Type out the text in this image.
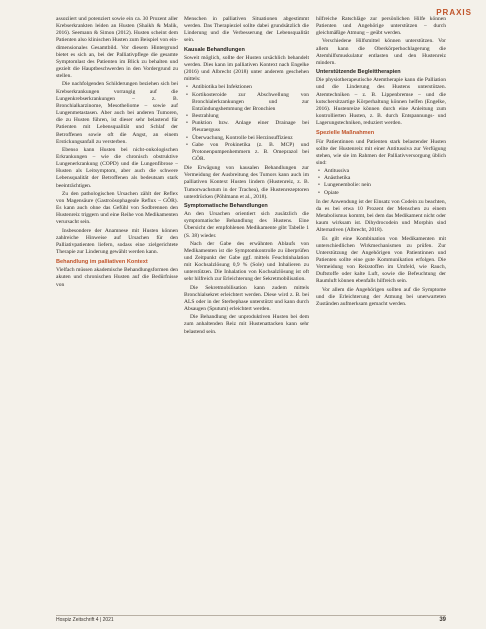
PRAXIS

assoziiert und potenziert sowie ein ca. 30 Prozent aller Krebserkrankten leiden an Husten (Shaikh & Malik, 2016). Seemann & Simon (2012). Husten scheint dem Patienten also klinischen Husten zum Beispiel von ein-dimensionales Gesamtbild. Vor diesem Hintergrund bietet es sich an, bei der Palliativpflege die gesamte Symptomlast des Patienten im Blick zu behalten und gezielt die Hauptbeschwerden in den Vordergrund zu stellen.

Die nachfolgenden Schilderungen beziehen sich bei Krebserkrankungen vorrangig auf die Lungenkrebserkrankungen – z. B. Bronchialkarzinome, Mesotheliome – sowie auf Lungenmetastasen. Aber auch bei anderen Tumoren, die zu Husten führen, ist dieser sehr belastend für Patienten mit Lebensqualität und Schlaf der Betroffenen sowie oft die Angst, an einem Erstickungsanfall zu versterben.

Ebenso kann Husten bei nicht-onkologischen Erkrankungen – wie die chronisch obstruktive Lungenerkrankung (COPD) und die Lungenfibrose – Husten als Leitsymptom, aber auch die schwere Lebensqualität der Betroffenen als bedeutsam stark beeinträchtigen.

Zu den pathologischen Ursachen zählt der Reflex von Magensäure (Gastroösophageale Reflux – GÖR). Es kann auch ohne das Gefühl von Sodbrennen den Hustenreiz triggern und eine Reihe von Medikamenten verursacht sein.

Insbesondere der Anamnese mit Husten können zahlreiche Hinweise auf Ursachen für den Palliativpatienten liefern, sodass eine zielgerichtete Therapie zur Linderung gewählt werden kann.

Behandlung im palliativen Kontext

Vielfach müssen akademische Behandlungsformen den akuten und chronischen Husten auf die Bedürfnisse von

Menschen in palliativen Situationen abgestimmt werden. Das Therapieziel sollte dabei grundsätzlich die Linderung und die Verbesserung der Lebensqualität sein.

Kausale Behandlungen

Soweit möglich, sollte der Husten ursächlich behandelt werden. Dies kann im palliativen Kontext nach Engelke (2016) und Albrecht (2018) unter anderem geschehen mittels:

• Antibiotika bei Infektionen
• Kortikosteroide zur Abschwellung von Bronchialerkrankungen und zur Entzündungshemmung der Bronchien
• Bestrahlung
• Punktion bzw. Anlage einer Drainage bei Pleuraerguss
• Überwachung, Kontrolle bei Herzinsuffizienz
• Gabe von Prokinetika (z. B. MCP) und Protonenpumpenhemmern z. B. Omeprazol bei GÖR.

Die Erwägung von kausalen Behandlungen zur Vermeidung der Ausbreitung des Tumors kann auch im palliativen Kontext Husten lindern (Hustenreiz, z. B. Tumorwachstum in der Trachea), die Hustenrezeptoren unterdrücken (Pöhlmann et al., 2018).

Symptomatische Behandlungen

An den Ursachen orientiert sich zusätzlich die symptomatische Behandlung des Hustens. Eine Übersicht der empfohlenen Medikamente gibt Tabelle 1 (S. 38) wieder.

Nach der Gabe des erwähnten Ablaufs von Medikamenten ist die Symptomkontrolle zu überprüfen und Zeitpunkt der Gabe ggf. mittels Feuchtinhalation mit Kochsalzlösung 0,9 % (Sole) und Inhalieren zu unterstützen. Die Inhalation von Kochsalzlösung ist oft sehr hilfreich zur Erleichterung der Sekretmobilisation.

Die Sekretmobilisation kann zudem mittels Bronchialsekret erleichtert werden. Diese wird z. B. bei ALS oder in der Sterbephase unterstützt und kann durch Absaugen (Sputum) erleichtert werden.

Die Behandlung der unproduktiven Husten bei dem zum anhaltenden Reiz mit Hustenattacken kann sehr belastend sein.

hilfreiche Ratschläge zur persönlichen Hilfe können Patienten und Angehörige unterstützen – durch gleichmäßige Atmung – geübt werden.

Verschiedene Hilfsmittel können unterstützen. Vor allem kann die Oberkörperhochlagerung die Atemhilfsmuskulatur entlasten und den Hustenreiz mindern.

Unterstützende Begleittherapien

Die physiotherapeutische Atemtherapie kann die Palliation und die Linderung des Hustens unterstützen. Atemtechniken – z. B. Lippenbremse – und die kutschersitzartige Körperhaltung können helfen (Engelke, 2016). Hustenreize können durch eine Anleitung zum kontrollierten Husten, z. B. durch Entspannungs- und Lagerungstechniken, reduziert werden.

Spezielle Maßnahmen

Für Patientinnen und Patienten stark belastender Husten sollte der Hustenreiz mit einer Antitussiva zur Verfügung stehen, wie sie im Rahmen der Palliativversorgung üblich sind:

• Antitussiva
• Anästhetika
• Lungenembolie: nein
• Opiate

In der Anwendung ist der Einsatz von Codein zu beachten, da es bei etwa 10 Prozent der Menschen zu einem Metabolismus kommt, bei dem das Medikament nicht oder kaum wirksam ist. Dihydrocodein und Morphin sind Alternativen (Albrecht, 2018).

Es gilt eine Kombination von Medikamenten mit unterschiedlichen Wirkmechanismen zu prüfen. Zur Unterstützung der Angehörigen von Patientinnen und Patienten sollte eine gute Kommunikation erfolgen. Die Vermeidung von Reizstoffen im Umfeld, wie Rauch, Duftstoffe oder kalte Luft, sowie die Befeuchtung der Raumluft können ebenfalls hilfreich sein.

Vor allem die Angehörigen sollten auf die Symptome und die Erleichterung der Atmung bei unerwarteten Zuständen aufmerksam gemacht werden.

Hospiz Zeitschrift 4 | 2021	39
